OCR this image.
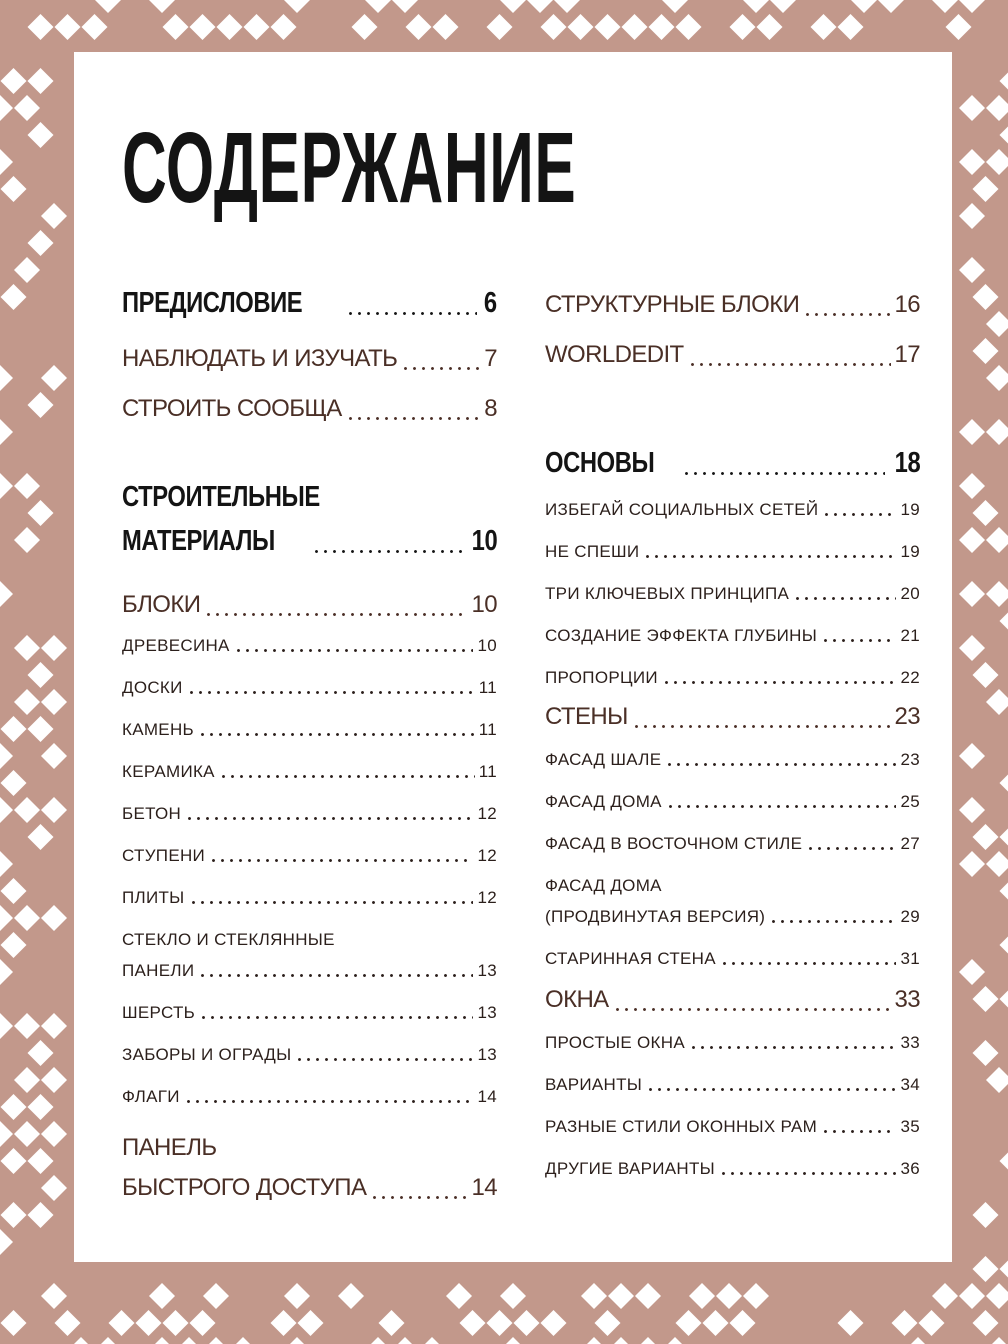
СОДЕРЖАНИЕ
ПРЕДИСЛОВИЕ	6
НАБЛЮДАТЬ И ИЗУЧАТЬ	7
СТРОИТЬ СООБЩА	8
СТРОИТЕЛЬНЫЕ
МАТЕРИАЛЫ	10
БЛОКИ	10
ДРЕВЕСИНА	10
ДОСКИ	11
КАМЕНЬ	11
КЕРАМИКА	11
БЕТОН	12
СТУПЕНИ	12
ПЛИТЫ	12
СТЕКЛО И СТЕКЛЯННЫЕ
ПАНЕЛИ	13
ШЕРСТЬ	13
ЗАБОРЫ И ОГРАДЫ	13
ФЛАГИ	14
ПАНЕЛЬ
БЫСТРОГО ДОСТУПА	14
СТРУКТУРНЫЕ БЛОКИ	16
WORLDEDIT	17
ОСНОВЫ	18
ИЗБЕГАЙ СОЦИАЛЬНЫХ СЕТЕЙ	19
НЕ СПЕШИ	19
ТРИ КЛЮЧЕВЫХ ПРИНЦИПА	20
СОЗДАНИЕ ЭФФЕКТА ГЛУБИНЫ	21
ПРОПОРЦИИ	22
СТЕНЫ	23
ФАСАД ШАЛЕ	23
ФАСАД ДОМА	25
ФАСАД В ВОСТОЧНОМ СТИЛЕ	27
ФАСАД ДОМА
(ПРОДВИНУТАЯ ВЕРСИЯ)	29
СТАРИННАЯ СТЕНА	31
ОКНА	33
ПРОСТЫЕ ОКНА	33
ВАРИАНТЫ	34
РАЗНЫЕ СТИЛИ ОКОННЫХ РАМ	35
ДРУГИЕ ВАРИАНТЫ	36
